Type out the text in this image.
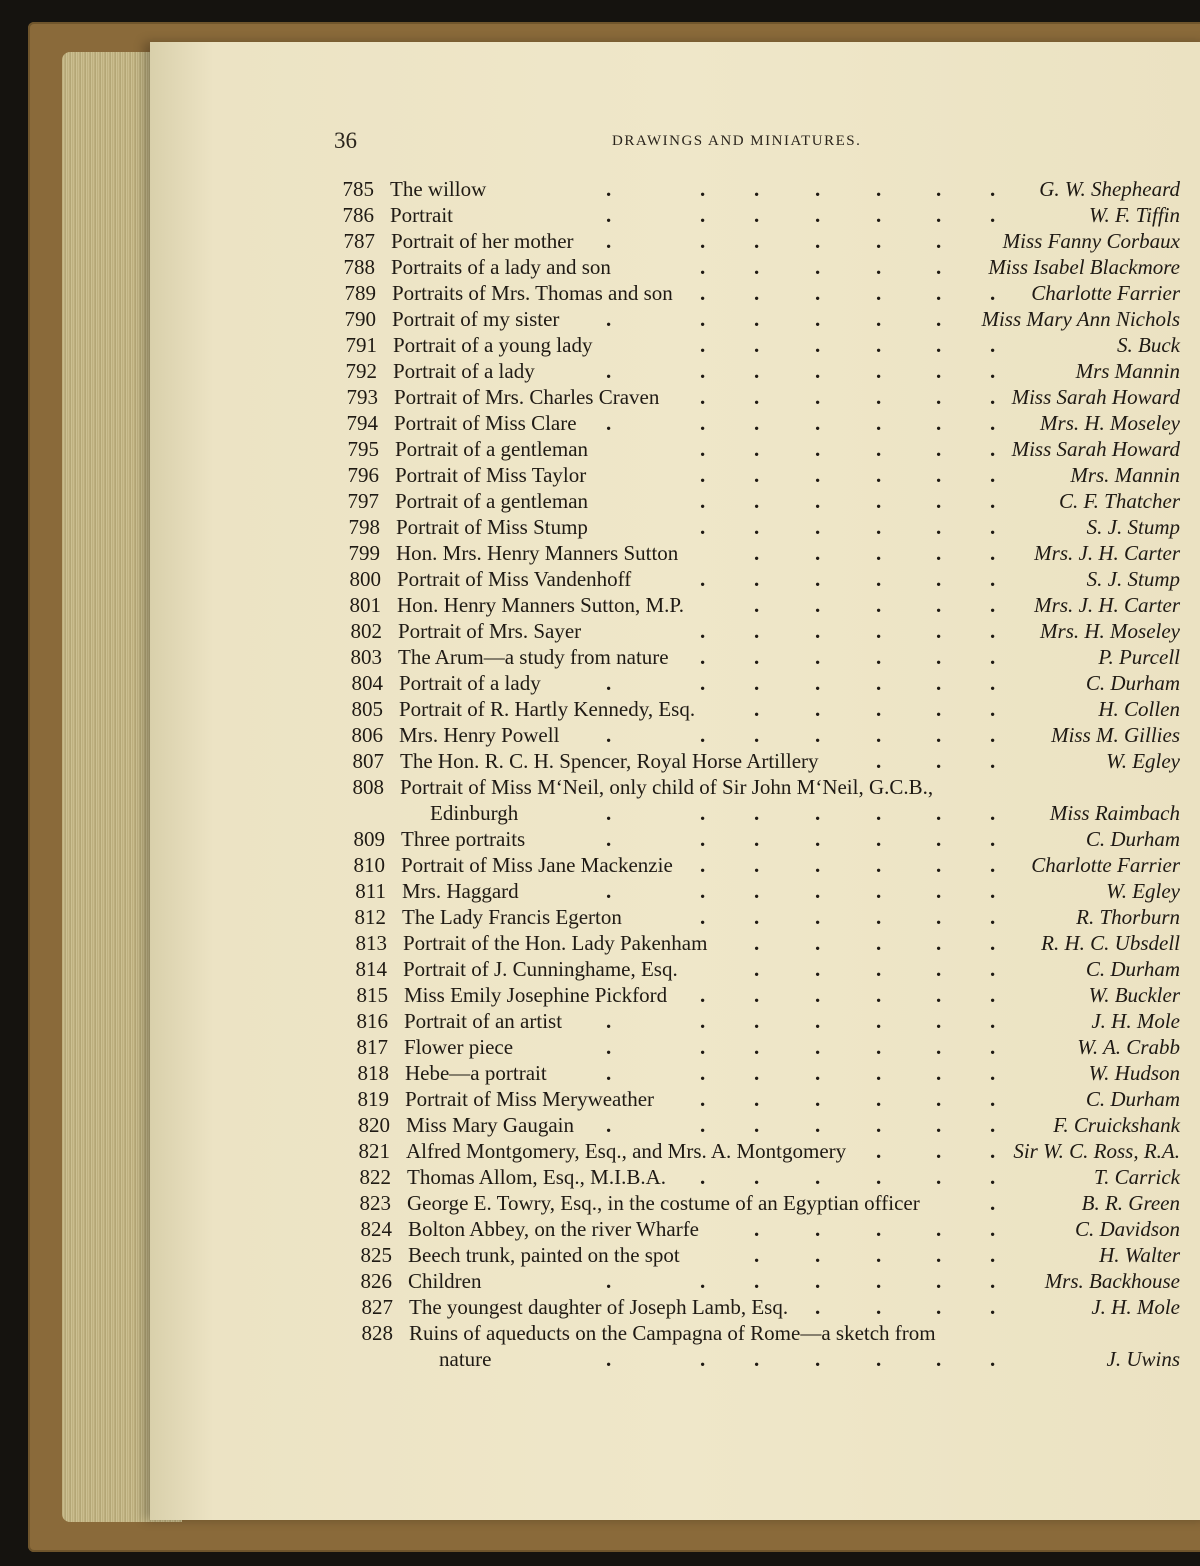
36	DRAWINGS AND MINIATURES.
785 The willow	G. W. Shepheard
.	. .	.	.	. .
786 Portrait	W. F. Tiffin
.	. .	.	.	. .
787 Portrait of her mother	Miss Fanny Corbaux
.	. .	.	.	.
788 Portraits of a lady and son	Miss Isabel Blackmore
. .	.	.	.
789 Portraits of Mrs. Thomas and son	Charlotte Farrier
. .	.	.	. .
790 Portrait of my sister	Miss Mary Ann Nichols
.	. .	.	.	.
791 Portrait of a young lady	S. Buck
. .	.	.	. .
792 Portrait of a lady	Mrs Mannin
.	. .	.	.	. .
793 Portrait of Mrs. Charles Craven	Miss Sarah Howard
. .	.	.	. .
794 Portrait of Miss Clare	Mrs. H. Moseley
.	. .	.	.	. .
795 Portrait of a gentleman	Miss Sarah Howard
. .	.	.	. .
796 Portrait of Miss Taylor	Mrs. Mannin
. .	.	.	. .
797 Portrait of a gentleman	C. F. Thatcher
. .	.	.	. .
798 Portrait of Miss Stump	S. J. Stump
. .	.	.	. .
799 Hon. Mrs. Henry Manners Sutton	Mrs. J. H. Carter
.	.	.	. .
800 Portrait of Miss Vandenhoff	S. J. Stump
. .	.	.	. .
801 Hon. Henry Manners Sutton, M.P.	Mrs. J. H. Carter
.	.	.	. .
802 Portrait of Mrs. Sayer	Mrs. H. Moseley
. .	.	.	. .
803 The Arum—a study from nature	P. Purcell
. .	.	.	. .
804 Portrait of a lady	C. Durham
.	. .	.	.	. .
805 Portrait of R. Hartly Kennedy, Esq.	H. Collen
.	.	.	. .
806 Mrs. Henry Powell	Miss M. Gillies
.	. .	.	.	. .
807 The Hon. R. C. H. Spencer, Royal Horse Artillery	W. Egley
.	. .
808 Portrait of Miss M‘Neil, only child of Sir John M‘Neil, G.C.B.,
Edinburgh	Miss Raimbach
.	. .	.	.	. .
809 Three portraits	C. Durham
.	. .	.	.	. .
810 Portrait of Miss Jane Mackenzie	Charlotte Farrier
. .	.	.	. .
811 Mrs. Haggard	W. Egley
.	. .	.	.	. .
812 The Lady Francis Egerton	R. Thorburn
. .	.	.	. .
813 Portrait of the Hon. Lady Pakenham	R. H. C. Ubsdell
.	.	.	. .
814 Portrait of J. Cunninghame, Esq.	C. Durham
.	.	.	. .
815 Miss Emily Josephine Pickford	W. Buckler
. .	.	.	. .
816 Portrait of an artist	J. H. Mole
.	. .	.	.	. .
817 Flower piece	W. A. Crabb
.	. .	.	.	. .
818 Hebe—a portrait	W. Hudson
.	. .	.	.	. .
819 Portrait of Miss Meryweather	C. Durham
. .	.	.	. .
820 Miss Mary Gaugain	F. Cruickshank
.	. .	.	.	. .
821 Alfred Montgomery, Esq., and Mrs. A. Montgomery	Sir W. C. Ross, R.A.
.	. .
822 Thomas Allom, Esq., M.I.B.A.	T. Carrick
. .	.	.	. .
823 George E. Towry, Esq., in the costume of an Egyptian officer	B. R. Green
.
824 Bolton Abbey, on the river Wharfe	C. Davidson
.	.	.	. .
825 Beech trunk, painted on the spot	H. Walter
.	.	.	. .
826 Children	Mrs. Backhouse
.	. .	.	.	. .
827 The youngest daughter of Joseph Lamb, Esq.	J. H. Mole
.	.	. .
828 Ruins of aqueducts on the Campagna of Rome—a sketch from
nature	J. Uwins
.	. .	.	.	. .
